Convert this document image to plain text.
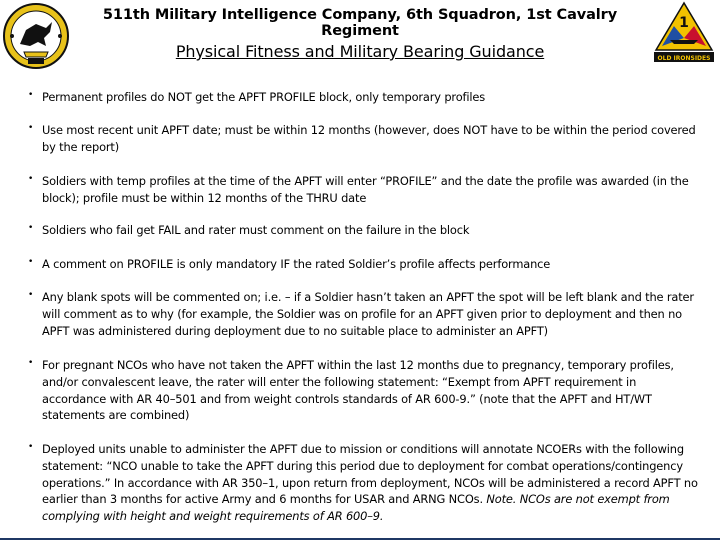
511th Military Intelligence Company, 6th Squadron, 1st Cavalry Regiment
Physical Fitness and Military Bearing Guidance
1
OLD IRONSIDES
• Permanent profiles do NOT get the APFT PROFILE block, only temporary profiles
• Use most recent unit APFT date; must be within 12 months (however, does NOT have to be within the period covered by the report)
• Soldiers with temp profiles at the time of the APFT will enter “PROFILE” and the date the profile was awarded (in the block); profile must be within 12 months of the THRU date
• Soldiers who fail get FAIL and rater must comment on the failure in the block
• A comment on PROFILE is only mandatory IF the rated Soldier’s profile affects performance
• Any blank spots will be commented on; i.e. – if a Soldier hasn’t taken an APFT the spot will be left blank and the rater will comment as to why (for example, the Soldier was on profile for an APFT given prior to deployment and then no APFT was administered during deployment due to no suitable place to administer an APFT)
• For pregnant NCOs who have not taken the APFT within the last 12 months due to pregnancy, temporary profiles, and/or convalescent leave, the rater will enter the following statement: “Exempt from APFT requirement in accordance with AR 40–501 and from weight controls standards of AR 600-9.” (note that the APFT and HT/WT statements are combined)
• Deployed units unable to administer the APFT due to mission or conditions will annotate NCOERs with the following statement: “NCO unable to take the APFT during this period due to deployment for combat operations/contingency operations.” In accordance with AR 350–1, upon return from deployment, NCOs will be administered a record APFT no earlier than 3 months for active Army and 6 months for USAR and ARNG NCOs. Note. NCOs are not exempt from complying with height and weight requirements of AR 600–9.
